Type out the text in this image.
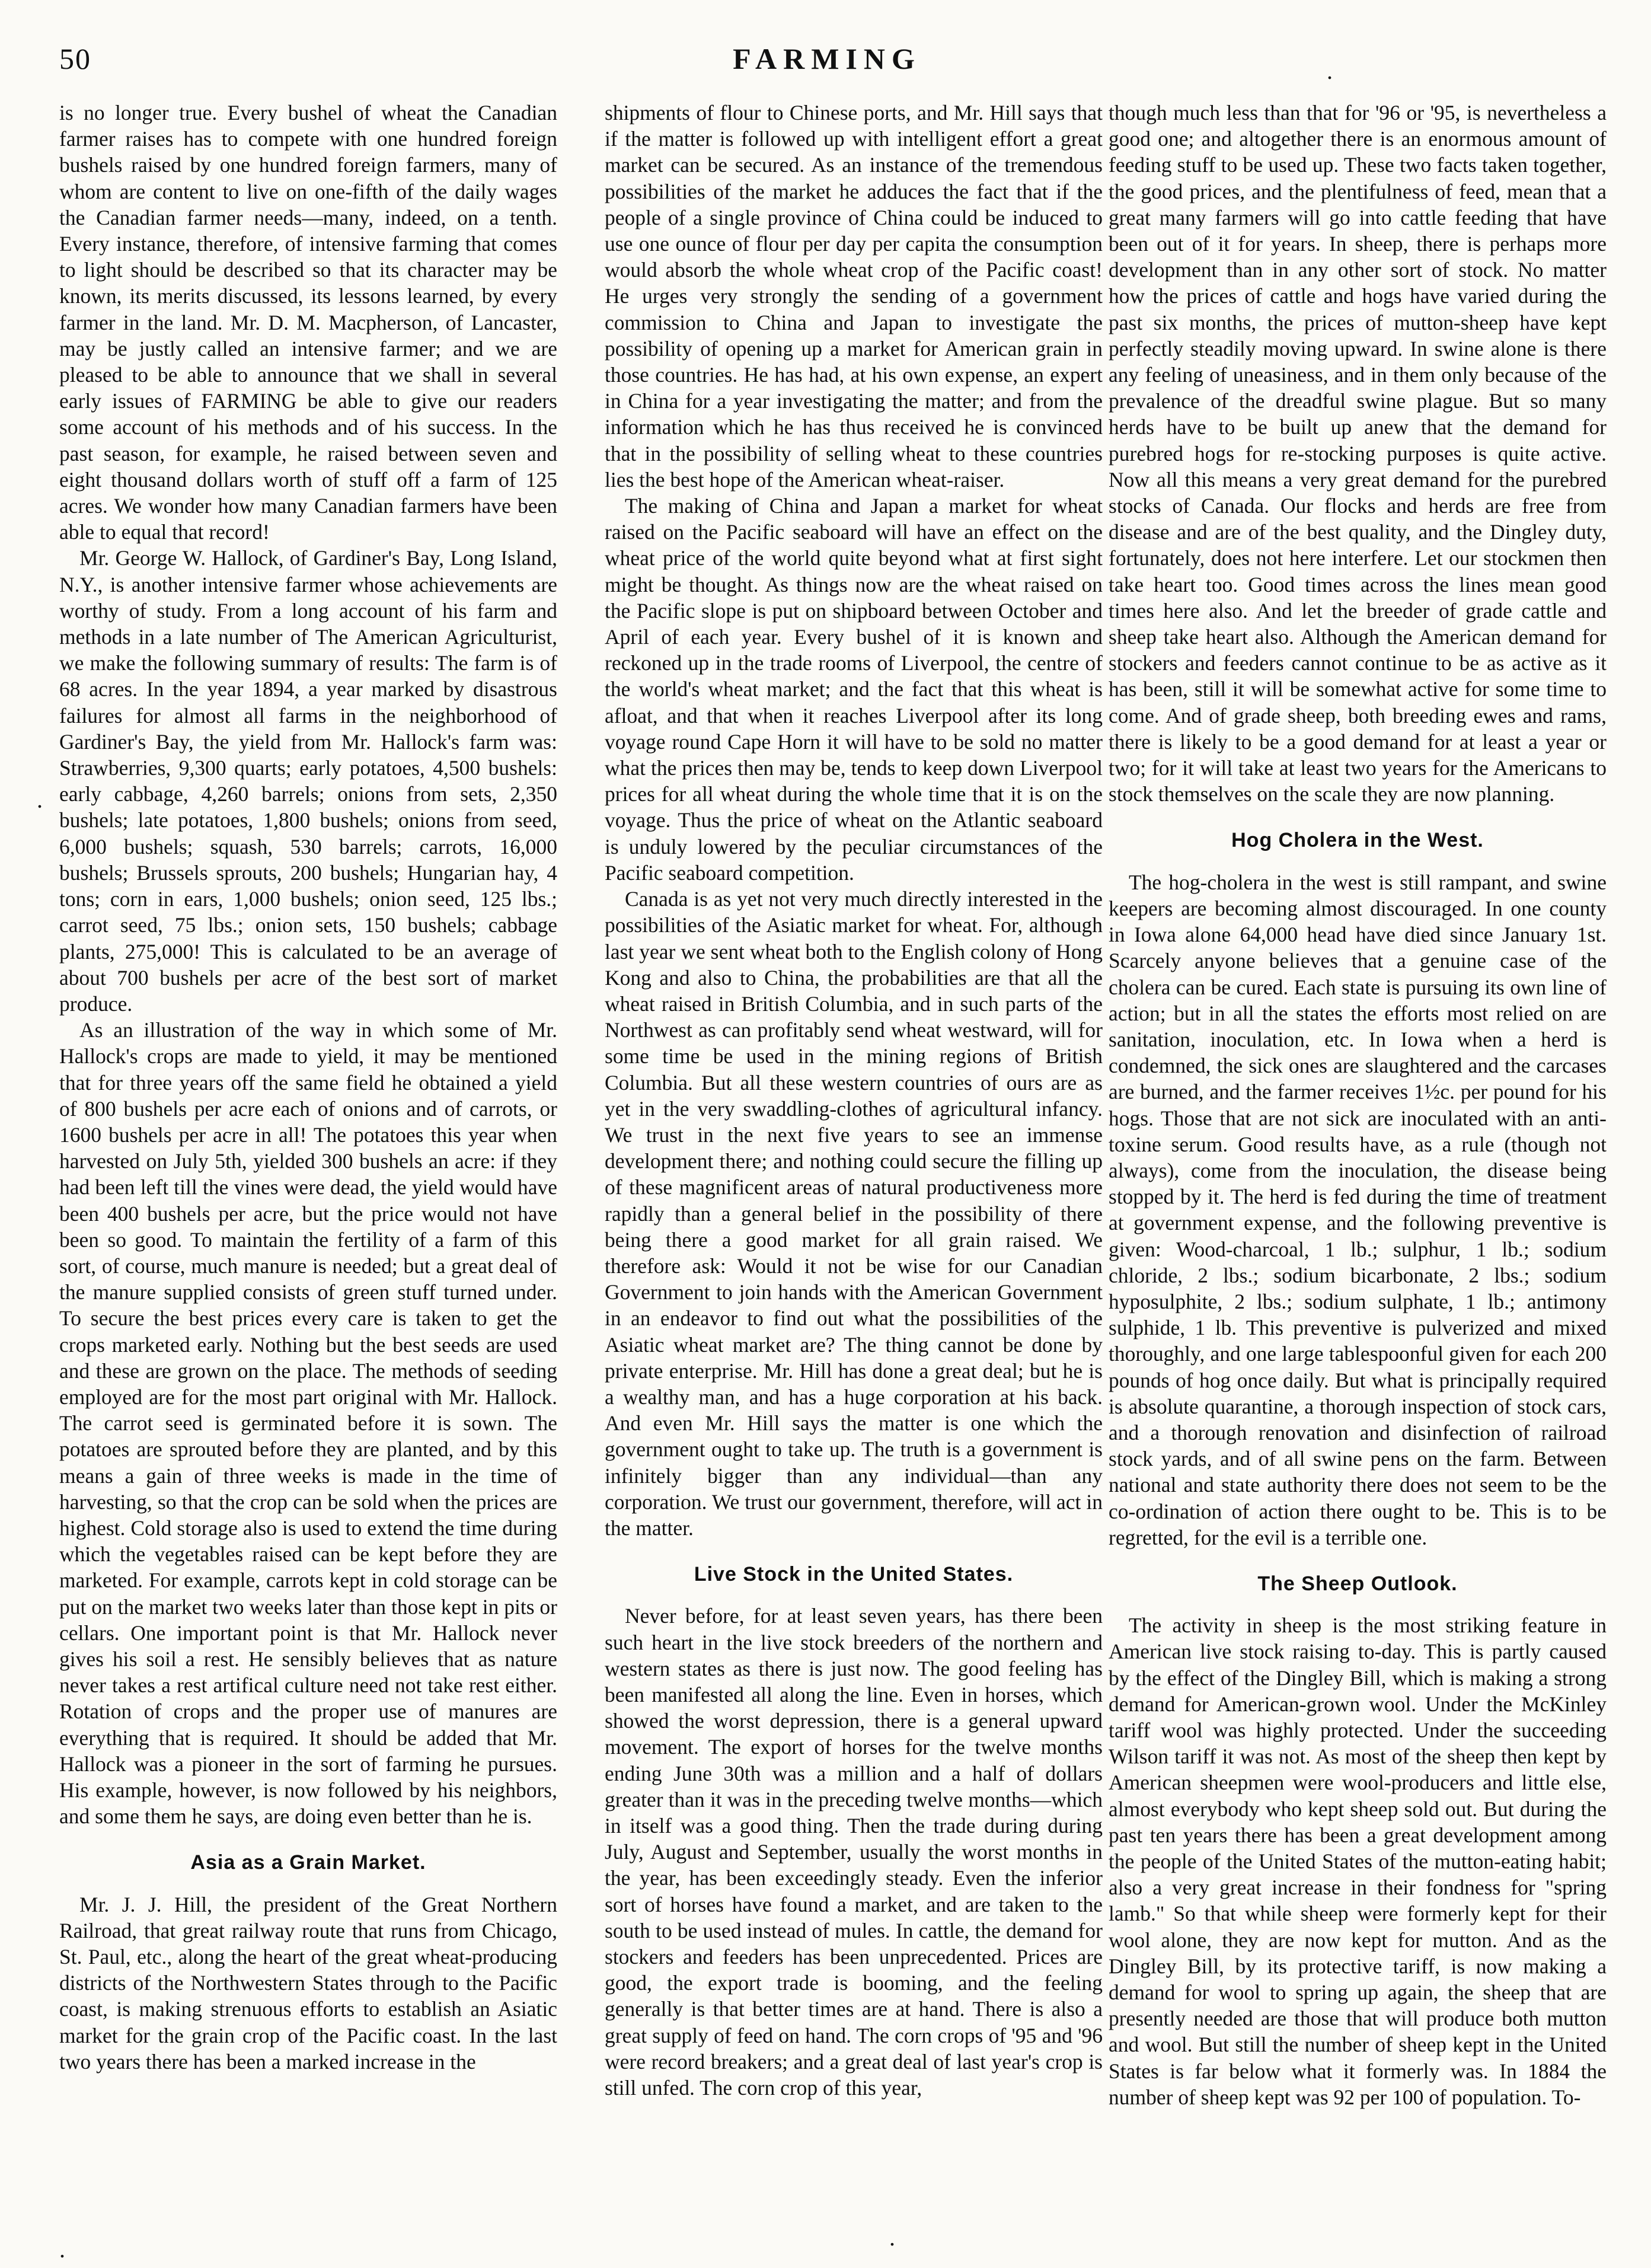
50	FARMING	.
.
.	.

is no longer true. Every bushel of wheat the Canadian farmer raises has to compete with one hundred foreign bushels raised by one hundred foreign farmers, many of whom are content to live on one-fifth of the daily wages the Canadian farmer needs—many, indeed, on a tenth. Every instance, therefore, of intensive farming that comes to light should be described so that its character may be known, its merits discussed, its lessons learned, by every farmer in the land. Mr. D. M. Macpherson, of Lancaster, may be justly called an intensive farmer; and we are pleased to be able to announce that we shall in several early issues of FARMING be able to give our readers some account of his methods and of his success. In the past season, for example, he raised between seven and eight thousand dollars worth of stuff off a farm of 125 acres. We wonder how many Canadian farmers have been able to equal that record!

Mr. George W. Hallock, of Gardiner's Bay, Long Island, N.Y., is another intensive farmer whose achievements are worthy of study. From a long account of his farm and methods in a late number of The American Agriculturist, we make the following summary of results: The farm is of 68 acres. In the year 1894, a year marked by disastrous failures for almost all farms in the neighborhood of Gardiner's Bay, the yield from Mr. Hallock's farm was: Strawberries, 9,300 quarts; early potatoes, 4,500 bushels: early cabbage, 4,260 barrels; onions from sets, 2,350 bushels; late potatoes, 1,800 bushels; onions from seed, 6,000 bushels; squash, 530 barrels; carrots, 16,000 bushels; Brussels sprouts, 200 bushels; Hungarian hay, 4 tons; corn in ears, 1,000 bushels; onion seed, 125 lbs.; carrot seed, 75 lbs.; onion sets, 150 bushels; cabbage plants, 275,000! This is calculated to be an average of about 700 bushels per acre of the best sort of market produce.

As an illustration of the way in which some of Mr. Hallock's crops are made to yield, it may be mentioned that for three years off the same field he obtained a yield of 800 bushels per acre each of onions and of carrots, or 1600 bushels per acre in all! The potatoes this year when harvested on July 5th, yielded 300 bushels an acre: if they had been left till the vines were dead, the yield would have been 400 bushels per acre, but the price would not have been so good. To maintain the fertility of a farm of this sort, of course, much manure is needed; but a great deal of the manure supplied consists of green stuff turned under. To secure the best prices every care is taken to get the crops marketed early. Nothing but the best seeds are used and these are grown on the place. The methods of seeding employed are for the most part original with Mr. Hallock. The carrot seed is germinated before it is sown. The potatoes are sprouted before they are planted, and by this means a gain of three weeks is made in the time of harvesting, so that the crop can be sold when the prices are highest. Cold storage also is used to extend the time during which the vegetables raised can be kept before they are marketed. For example, carrots kept in cold storage can be put on the market two weeks later than those kept in pits or cellars. One important point is that Mr. Hallock never gives his soil a rest. He sensibly believes that as nature never takes a rest artifical culture need not take rest either. Rotation of crops and the proper use of manures are everything that is required. It should be added that Mr. Hallock was a pioneer in the sort of farming he pursues. His example, however, is now followed by his neighbors, and some them he says, are doing even better than he is.

Asia as a Grain Market.

Mr. J. J. Hill, the president of the Great Northern Railroad, that great railway route that runs from Chicago, St. Paul, etc., along the heart of the great wheat-producing districts of the Northwestern States through to the Pacific coast, is making strenuous efforts to establish an Asiatic market for the grain crop of the Pacific coast. In the last two years there has been a marked increase in the

shipments of flour to Chinese ports, and Mr. Hill says that if the matter is followed up with intelligent effort a great market can be secured. As an instance of the tremendous possibilities of the market he adduces the fact that if the people of a single province of China could be induced to use one ounce of flour per day per capita the consumption would absorb the whole wheat crop of the Pacific coast! He urges very strongly the sending of a government commission to China and Japan to investigate the possibility of opening up a market for American grain in those countries. He has had, at his own expense, an expert in China for a year investigating the matter; and from the information which he has thus received he is convinced that in the possibility of selling wheat to these countries lies the best hope of the American wheat-raiser.

The making of China and Japan a market for wheat raised on the Pacific seaboard will have an effect on the wheat price of the world quite beyond what at first sight might be thought. As things now are the wheat raised on the Pacific slope is put on shipboard between October and April of each year. Every bushel of it is known and reckoned up in the trade rooms of Liverpool, the centre of the world's wheat market; and the fact that this wheat is afloat, and that when it reaches Liverpool after its long voyage round Cape Horn it will have to be sold no matter what the prices then may be, tends to keep down Liverpool prices for all wheat during the whole time that it is on the voyage. Thus the price of wheat on the Atlantic seaboard is unduly lowered by the peculiar circumstances of the Pacific seaboard competition.

Canada is as yet not very much directly interested in the possibilities of the Asiatic market for wheat. For, although last year we sent wheat both to the English colony of Hong Kong and also to China, the probabilities are that all the wheat raised in British Columbia, and in such parts of the Northwest as can profitably send wheat westward, will for some time be used in the mining regions of British Columbia. But all these western countries of ours are as yet in the very swaddling-clothes of agricultural infancy. We trust in the next five years to see an immense development there; and nothing could secure the filling up of these magnificent areas of natural productiveness more rapidly than a general belief in the possibility of there being there a good market for all grain raised. We therefore ask: Would it not be wise for our Canadian Government to join hands with the American Government in an endeavor to find out what the possibilities of the Asiatic wheat market are? The thing cannot be done by private enterprise. Mr. Hill has done a great deal; but he is a wealthy man, and has a huge corporation at his back. And even Mr. Hill says the matter is one which the government ought to take up. The truth is a government is infinitely bigger than any individual—than any corporation. We trust our government, therefore, will act in the matter.

Live Stock in the United States.

Never before, for at least seven years, has there been such heart in the live stock breeders of the northern and western states as there is just now. The good feeling has been manifested all along the line. Even in horses, which showed the worst depression, there is a general upward movement. The export of horses for the twelve months ending June 30th was a million and a half of dollars greater than it was in the preceding twelve months—which in itself was a good thing. Then the trade during during July, August and September, usually the worst months in the year, has been exceedingly steady. Even the inferior sort of horses have found a market, and are taken to the south to be used instead of mules. In cattle, the demand for stockers and feeders has been unprecedented. Prices are good, the export trade is booming, and the feeling generally is that better times are at hand. There is also a great supply of feed on hand. The corn crops of '95 and '96 were record breakers; and a great deal of last year's crop is still unfed. The corn crop of this year,

though much less than that for '96 or '95, is nevertheless a good one; and altogether there is an enormous amount of feeding stuff to be used up. These two facts taken together, the good prices, and the plentifulness of feed, mean that a great many farmers will go into cattle feeding that have been out of it for years. In sheep, there is perhaps more development than in any other sort of stock. No matter how the prices of cattle and hogs have varied during the past six months, the prices of mutton-sheep have kept perfectly steadily moving upward. In swine alone is there any feeling of uneasiness, and in them only because of the prevalence of the dreadful swine plague. But so many herds have to be built up anew that the demand for purebred hogs for re-stocking purposes is quite active. Now all this means a very great demand for the purebred stocks of Canada. Our flocks and herds are free from disease and are of the best quality, and the Dingley duty, fortunately, does not here interfere. Let our stockmen then take heart too. Good times across the lines mean good times here also. And let the breeder of grade cattle and sheep take heart also. Although the American demand for stockers and feeders cannot continue to be as active as it has been, still it will be somewhat active for some time to come. And of grade sheep, both breeding ewes and rams, there is likely to be a good demand for at least a year or two; for it will take at least two years for the Americans to stock themselves on the scale they are now planning.

Hog Cholera in the West.

The hog-cholera in the west is still rampant, and swine keepers are becoming almost discouraged. In one county in Iowa alone 64,000 head have died since January 1st. Scarcely anyone believes that a genuine case of the cholera can be cured. Each state is pursuing its own line of action; but in all the states the efforts most relied on are sanitation, inoculation, etc. In Iowa when a herd is condemned, the sick ones are slaughtered and the carcases are burned, and the farmer receives 1½c. per pound for his hogs. Those that are not sick are inoculated with an anti-toxine serum. Good results have, as a rule (though not always), come from the inoculation, the disease being stopped by it. The herd is fed during the time of treatment at government expense, and the following preventive is given: Wood-charcoal, 1 lb.; sulphur, 1 lb.; sodium chloride, 2 lbs.; sodium bicarbonate, 2 lbs.; sodium hyposulphite, 2 lbs.; sodium sulphate, 1 lb.; antimony sulphide, 1 lb. This preventive is pulverized and mixed thoroughly, and one large tablespoonful given for each 200 pounds of hog once daily. But what is principally required is absolute quarantine, a thorough inspection of stock cars, and a thorough renovation and disinfection of railroad stock yards, and of all swine pens on the farm. Between national and state authority there does not seem to be the co-ordination of action there ought to be. This is to be regretted, for the evil is a terrible one.

The Sheep Outlook.

The activity in sheep is the most striking feature in American live stock raising to-day. This is partly caused by the effect of the Dingley Bill, which is making a strong demand for American-grown wool. Under the McKinley tariff wool was highly protected. Under the succeeding Wilson tariff it was not. As most of the sheep then kept by American sheepmen were wool-producers and little else, almost everybody who kept sheep sold out. But during the past ten years there has been a great development among the people of the United States of the mutton-eating habit; also a very great increase in their fondness for "spring lamb." So that while sheep were formerly kept for their wool alone, they are now kept for mutton. And as the Dingley Bill, by its protective tariff, is now making a demand for wool to spring up again, the sheep that are presently needed are those that will produce both mutton and wool. But still the number of sheep kept in the United States is far below what it formerly was. In 1884 the number of sheep kept was 92 per 100 of population. To-
